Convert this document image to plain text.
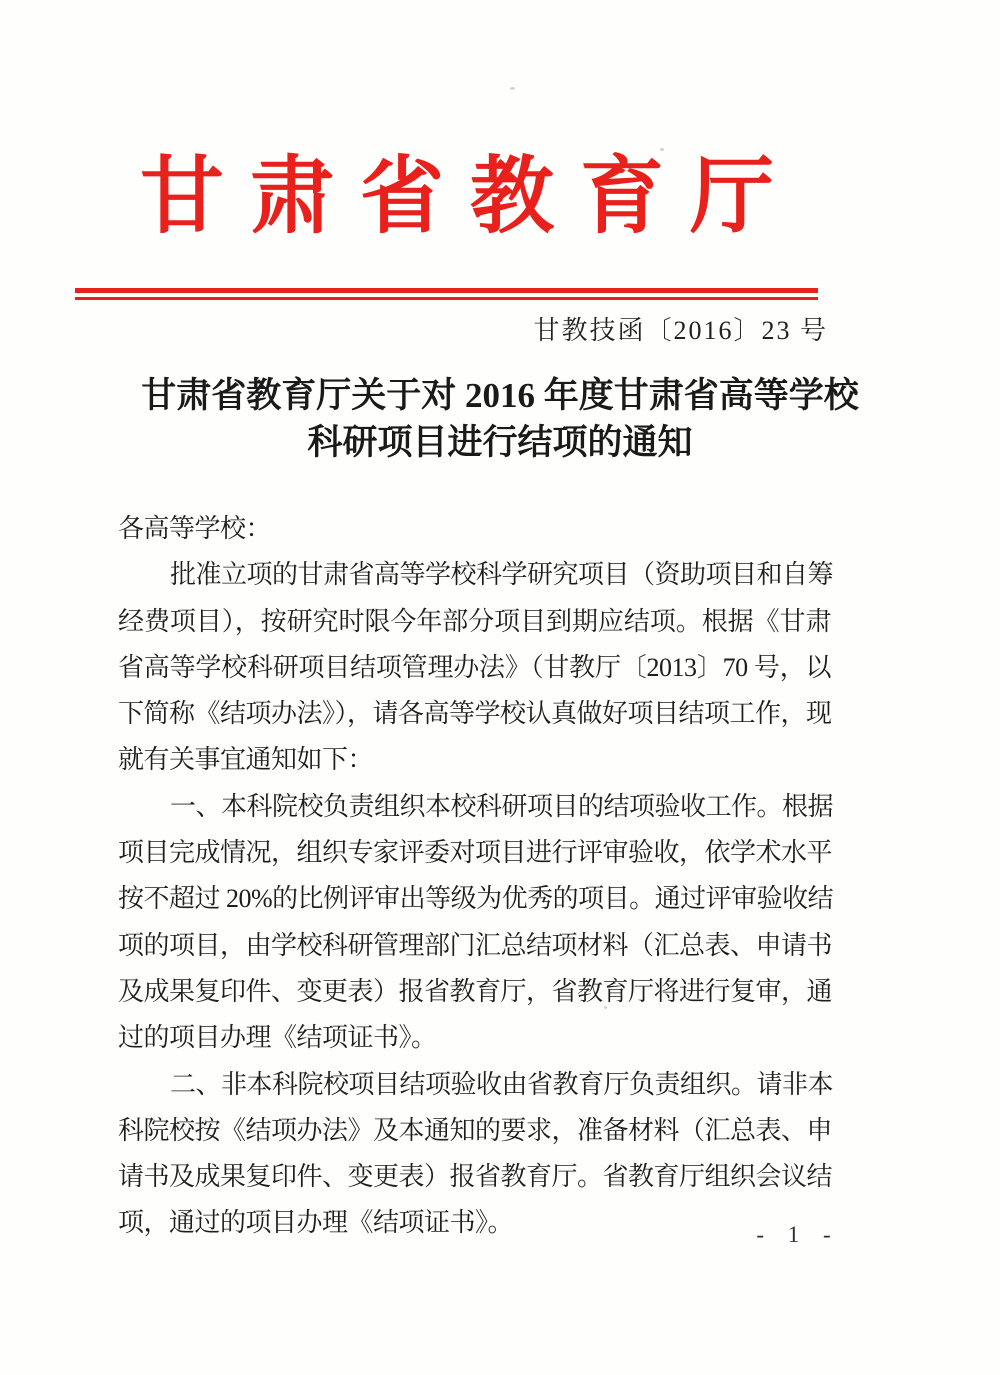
甘肃省教育厅
甘教技函〔2016〕23 号
甘肃省教育厅关于对 2016 年度甘肃省高等学校
科研项目进行结项的通知
各高等学校：
批准立项的甘肃省高等学校科学研究项目（资助项目和自筹
经费项目），按研究时限今年部分项目到期应结项。根据《甘肃
省高等学校科研项目结项管理办法》（甘教厅〔2013〕70 号，以
下简称《结项办法》），请各高等学校认真做好项目结项工作，现
就有关事宜通知如下：
一、本科院校负责组织本校科研项目的结项验收工作。根据
项目完成情况，组织专家评委对项目进行评审验收，依学术水平
按不超过 20%的比例评审出等级为优秀的项目。通过评审验收结
项的项目，由学校科研管理部门汇总结项材料（汇总表、申请书
及成果复印件、变更表）报省教育厅，省教育厅将进行复审，通
过的项目办理《结项证书》。
二、非本科院校项目结项验收由省教育厅负责组织。请非本
科院校按《结项办法》及本通知的要求，准备材料（汇总表、申
请书及成果复印件、变更表）报省教育厅。省教育厅组织会议结
项，通过的项目办理《结项证书》。	- 1 -
